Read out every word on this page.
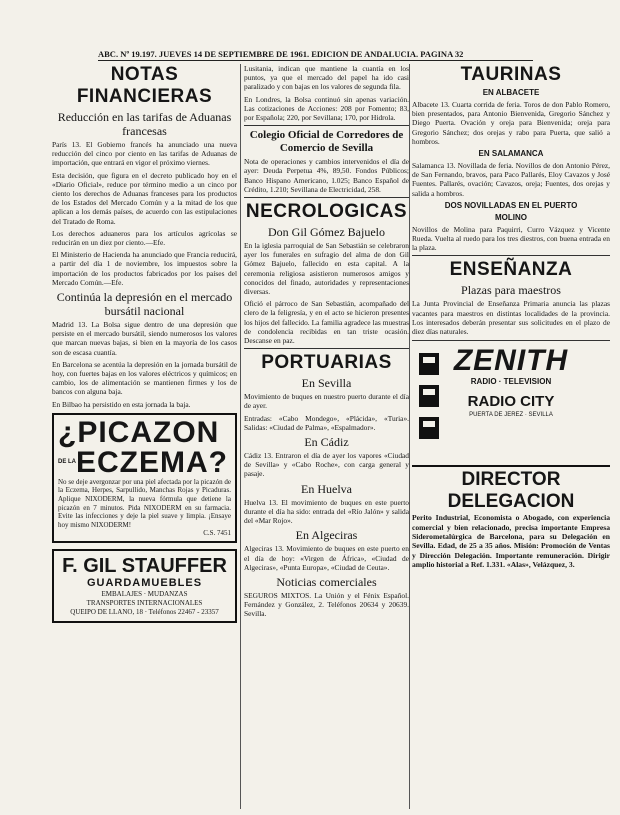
ABC. Nº 19.197. JUEVES 14 DE SEPTIEMBRE DE 1961. EDICION DE ANDALUCIA. PAGINA 32
NOTAS FINANCIERAS
Reducción en las tarifas de Aduanas francesas

París 13. El Gobierno francés ha anunciado una nueva reducción del cinco por ciento en las tarifas de Aduanas de importación, que entrará en vigor el próximo viernes.

Esta decisión, que figura en el decreto publicado hoy en el «Diario Oficial», reduce por término medio a un cinco por ciento los derechos de Aduanas franceses para los productos de los Estados del Mercado Común y a la mitad de los que aplican a los demás países, de acuerdo con las estipulaciones del Tratado de Roma.

Los derechos aduaneros para los artículos agrícolas se reducirán en un diez por ciento.—Efe.

El Ministerio de Hacienda ha anunciado que Francia reducirá, a partir del día 1 de noviembre, los impuestos sobre la importación de los productos fabricados por los países del Mercado Común.—Efe.

Continúa la depresión en el mercado bursátil nacional

Madrid 13. La Bolsa sigue dentro de una depresión que persiste en el mercado bursátil, siendo numerosos los valores que marcan nuevas bajas, si bien en la mayoría de los casos son de escasa cuantía.

En Barcelona se acentúa la depresión en la jornada bursátil de hoy, con fuertes bajas en los valores eléctricos y químicos; en cambio, los de alimentación se mantienen firmes y los de bancos con alguna baja.

En Bilbao ha persistido en esta jornada la baja.

¿PICAZON
DE LA ECZEMA?
No se deje avergonzar por una piel afectada por la picazón de la Eczema, Herpes, Sarpullido, Manchas Rojas y Picaduras. Aplique NIXODERM, la nueva fórmula que detiene la picazón en 7 minutos. Pida NIXODERM en su farmacia. Evite las infecciones y deje la piel suave y limpia. ¡Ensaye hoy mismo NIXODERM!
C.S. 7451
F. GIL STAUFFER
GUARDAMUEBLES
EMBALAJES · MUDANZAS
TRANSPORTES INTERNACIONALES
QUEIPO DE LLANO, 18 · Teléfonos 22467 - 23357

Lusitania, indican que mantiene la cuantía en los puntos, ya que el mercado del papel ha ido casi paralizado y con bajas en los valores de segunda fila.

En Londres, la Bolsa continuó sin apenas variación. Las cotizaciones de Acciones: 208 por Fomento; 83, por Española; 220, por Sevillana; 170, por Hidrola.

Colegio Oficial de Corredores de Comercio de Sevilla

Nota de operaciones y cambios intervenidos el día de ayer: Deuda Perpetua 4%, 89,50. Fondos Públicos; Banco Hispano Americano, 1.025; Banco Español de Crédito, 1.210; Sevillana de Electricidad, 258.

NECROLOGICAS
Don Gil Gómez Bajuelo

En la iglesia parroquial de San Sebastián se celebraron ayer los funerales en sufragio del alma de don Gil Gómez Bajuelo, fallecido en esta capital. A la ceremonia religiosa asistieron numerosos amigos y conocidos del finado, autoridades y representaciones diversas.

Ofició el párroco de San Sebastián, acompañado del clero de la feligresía, y en el acto se hicieron presentes los hijos del fallecido. La familia agradece las muestras de condolencia recibidas en tan triste ocasión. Descanse en paz.

PORTUARIAS
En Sevilla

Movimiento de buques en nuestro puerto durante el día de ayer.

Entradas: «Cabo Mondego», «Plácida», «Turia». Salidas: «Ciudad de Palma», «Espalmador».

En Cádiz

Cádiz 13. Entraron el día de ayer los vapores «Ciudad de Sevilla» y «Cabo Roche», con carga general y pasaje.

En Huelva

Huelva 13. El movimiento de buques en este puerto durante el día ha sido: entrada del «Río Jalón» y salida del «Mar Rojo».

En Algeciras

Algeciras 13. Movimiento de buques en este puerto en el día de hoy: «Virgen de África», «Ciudad de Algeciras», «Punta Europa», «Ciudad de Ceuta».

Noticias comerciales

SEGUROS MIXTOS. La Unión y el Fénix Español. Fernández y González, 2. Teléfonos 20634 y 20639. Sevilla.

TAURINAS
EN ALBACETE

Albacete 13. Cuarta corrida de feria. Toros de don Pablo Romero, bien presentados, para Antonio Bienvenida, Gregorio Sánchez y Diego Puerta. Ovación y oreja para Bienvenida; oreja para Gregorio Sánchez; dos orejas y rabo para Puerta, que salió a hombros.

EN SALAMANCA

Salamanca 13. Novillada de feria. Novillos de don Antonio Pérez, de San Fernando, bravos, para Paco Pallarés, Eloy Cavazos y José Fuentes. Pallarés, ovación; Cavazos, oreja; Fuentes, dos orejas y salida a hombros.

DOS NOVILLADAS EN EL PUERTO
MOLINO

Novillos de Molina para Paquirri, Curro Vázquez y Vicente Rueda. Vuelta al ruedo para los tres diestros, con buena entrada en la plaza.

ENSEÑANZA
Plazas para maestros

La Junta Provincial de Enseñanza Primaria anuncia las plazas vacantes para maestros en distintas localidades de la provincia. Los interesados deberán presentar sus solicitudes en el plazo de diez días naturales.

ZENITH
RADIO · TELEVISION
RADIO CITY
PUERTA DE JEREZ · SEVILLA
DIRECTOR DELEGACION

Perito Industrial, Economista o Abogado, con experiencia comercial y bien relacionado, precisa importante Empresa Siderometalúrgica de Barcelona, para su Delegación en Sevilla. Edad, de 25 a 35 años. Misión: Promoción de Ventas y Dirección Delegación. Importante remuneración. Dirigir amplio historial a Ref. 1.331. «Alas», Velázquez, 3.
